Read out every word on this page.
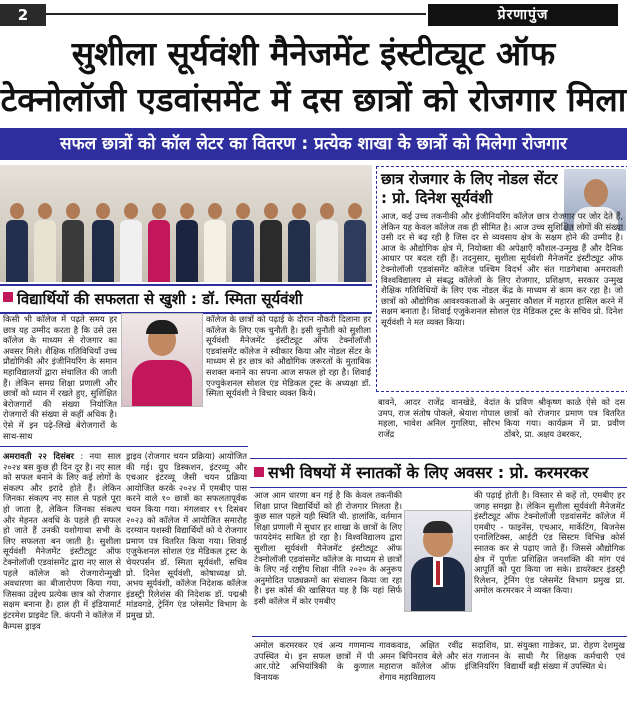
2	प्रेरणापुंज
सुशीला सूर्यवंशी मैनेजमेंट इंस्टीट्यूट ऑफ
टेक्नोलॉजी एडवांसमेंट में दस छात्रों को रोजगार मिला
सफल छात्रों को कॉल लेटर का वितरण : प्रत्येक शाखा के छात्रों को मिलेगा रोजगार
छात्र रोजगार के लिए नोडल सेंटर : प्रो. दिनेश सूर्यवंशी
आज, कई उच्च तकनीकी और इंजीनियरिंग कॉलेज छात्र रोजगार पर जोर देते हैं, लेकिन यह केवल कॉलेज तक ही सीमित है। आज उच्च सुशिक्षित लोगों की संख्या उसी दर से बढ़ रही है जिस दर से व्यवसाय क्षेत्र के सक्षम होने की उम्मीद है। आज के औद्योगिक क्षेत्र में, नियोक्ता की अपेक्षाएँ कौशल-उन्मुख हैं और दैनिक आधार पर बदल रही हैं। तदनुसार, सुशीला सूर्यवंशी मैनेजमेंट इंस्टीट्यूट ऑफ टेक्नोलॉजी एडवांसमेंट कॉलेज पश्चिम विदर्भ और संत गाडगेबाबा अमरावती विश्वविद्यालय से संबद्ध कॉलेजों के लिए रोजगार, प्रशिक्षण, सरकार उन्मुख शैक्षिक गतिविधियों के लिए एक नोडल केंद्र के माध्यम से काम कर रहा है। जो छात्रों को औद्योगिक आवश्यकताओं के अनुसार कौशल में महारत हासिल करने में सक्षम बनाता है। शिवाई एजुकेशनल सोशल एंड मेडिकल ट्रस्ट के सचिव प्रो. दिनेश सूर्यवंशी ने मत व्यक्त किया।
विद्यार्थियों की सफलता से खुशी : डॉ. स्मिता सूर्यवंशी
किसी भी कॉलेज में पढ़ते समय हर छात्र यह उम्मीद करता है कि उसे उस कॉलेज के माध्यम से रोजगार का अवसर मिले। शैक्षिक गतिविधियाँ उच्च प्रौद्योगिकी और इंजीनियरिंग के समान महाविद्यालयों द्वारा संचालित की जाती हैं। लेकिन समग्र शिक्षा प्रणाली और छात्रों को ध्यान में रखते हुए, सुशिक्षित बेरोजगारों की संख्या नियोजित रोजगारों की संख्या से कहीं अधिक है। ऐसे में इन पढ़े-लिखे बेरोजगारों के साथ-साथ
कॉलेज के छात्रों को पढ़ाई के दौरान नौकरी दिलाना हर कॉलेज के लिए एक चुनौती है। इसी चुनौती को सुशीला सूर्यवंशी मैनेजमेंट इंस्टीट्यूट ऑफ टेक्नोलॉजी एडवांसमेंट कॉलेज ने स्वीकार किया और नोडल सेंटर के माध्यम से हर छात्र को औद्योगिक जरूरतों के मुताबिक सशक्त बनाने का सपना आज सफल हो रहा है। शिवाई एज्युकेशनल सोशल एंड मेडिकल ट्रस्ट के अध्यक्षा डॉ. स्मिता सूर्यवंशी ने विचार व्यक्त किये।
बावने, आदर राजेंद्र वानखेडे, वेदांत उमप, राज संतोष पोकले, श्रेयाश गोपाल महला, भावेश अनिल गुगलिया, सौरभ राजेंद्र
के प्रविण श्रीकृष्ण काळे ऐसे को दस छात्रों को रोजगार प्रमाण पत्र वितरित किया गया। कार्यक्रम में प्रा. प्रवीण ठोंबरे, प्रा. अक्षय उंबरकर,
अमरावती २२ दिसंबर : नया साल २०२४ बस कुछ ही दिन दूर है। नए साल को सफल बनाने के लिए कई लोगों के संकल्प और इरादे होते हैं। लेकिन जिनका संकल्प नए साल से पहले पूरा हो जाता है, लेकिन जिनका संकल्प और मेहनत अवधि के पहले ही सफल हो जाते हैं उनकी यशोगाथा सभी के लिए सफलता बन जाती है। सुशीला सूर्यवंशी मैनेजमेंट इंस्टीट्यूट ऑफ टेक्नोलॉजी एडवांसमेंट द्वारा नए साल से पहले कॉलेज को रोजगारोन्मुखी अवधारणा का बीजारोपण किया गया, जिसका उद्देश्य प्रत्येक छात्र को रोजगार सक्षम बनाना है। हाल ही में इंडियामार्ट इंटरमेश प्राइवेट लि. कंपनी ने कॉलेज में कैम्पस ड्राइव
ड्राइव (रोजगार चयन प्रक्रिया) आयोजित की गई। ग्रुप डिस्कशन, इंटरव्यू और एचआर इंटरव्यू जैसी चयन प्रक्रिया आयोजित करके २०२४ में एमबीए पास करने वाले १० छात्रों का सफलतापूर्वक चयन किया गया। मंगलवार १९ दिसंबर २०२३ को कॉलेज में आयोजित समारोह दरम्यान यशस्वी विद्यार्थियों को ये रोजगार प्रमाण पत्र वितरित किया गया। शिवाई एजुकेशनल सोशल एंड मेडिकल ट्रस्ट के चेयरपर्सन डॉ. स्मिता सूर्यवंशी, सचिव प्रो. दिनेश सूर्यवंशी, कोषाध्यक्ष प्रो. अभय सूर्यवंशी, कॉलेज निदेशक कॉलेज इंडस्ट्री रिलेशंस की निदेशक डॉ. पद्मश्री मांडवगडे, ट्रेनिंग एंड प्लेसमेंट विभाग के प्रमुख प्रो.
सभी विषयों में स्नातकों के लिए अवसर : प्रो. करमरकर
आज आम धारणा बन गई है कि केवल तकनीकी शिक्षा प्राप्त विद्यार्थियों को ही रोजगार मिलता है। कुछ साल पहले यही स्थिति थी. हालांकि, वर्तमान शिक्षा प्रणाली में सुधार हर शाखा के छात्रों के लिए फायदेमंद साबित हो रहा है। विश्वविद्यालय द्वारा सुशीला सूर्यवंशी मैनेजमेंट इंस्टीट्यूट ऑफ टेक्नोलॉजी एडवांसमेंट कॉलेज के माध्यम से छात्रों के लिए नई राष्ट्रीय शिक्षा नीति २०२० के अनुरूप अनुमोदित पाठ्यक्रमों का संचालन किया जा रहा है। इस कोर्स की खासियत यह है कि यहां सिर्फ इसी कॉलेज में कोर एमबीए
की पढ़ाई होती है। विस्तार से कहें तो, एमबीए हर जगह समझा है। लेकिन सुशीला सूर्यवंशी मैनेजमेंट इंस्टीट्यूट ऑफ टेक्नोलॉजी एडवांसमेंट कॉलेज में एमबीए - फाइनेंस, एचआर, मार्केटिंग, बिजनेस एनालिटिक्स, आईटी एंड सिस्टम विभिन्न कोर्स स्नातक कर से पढ़ाए जाते हैं। जिससे औद्योगिक क्षेत्र में पूर्णतः प्रशिक्षित जनशक्ति की मांग एवं आपूर्ति को पूरा किया जा सके। डायरेक्टर इंडस्ट्री रिलेशन, ट्रेनिंग एंड प्लेसमेंट विभाग प्रमुख प्रा. अमोल करमरकर ने व्यक्त किया।
अमोल करमरकर एवं अन्य गणमान्य उपस्थित थे। इन सफल छात्रों में पी आर.पोटे अभियांत्रिकी के कुणाल विनायक
गावकवाड, अक्षित रवींद्र सदाशिव, अमन बिपिनराव बेले और संत गजानन महाराज कॉलेज ऑफ इंजिनियरिंग शेगाव महाविद्यालय
प्रा. संयुक्ता गाडेकर, प्रा. रोहण देशमुख के साथी गैर शिक्षक कर्मचारी एवं विद्यार्थी बड़ी संख्या में उपस्थित थे।
